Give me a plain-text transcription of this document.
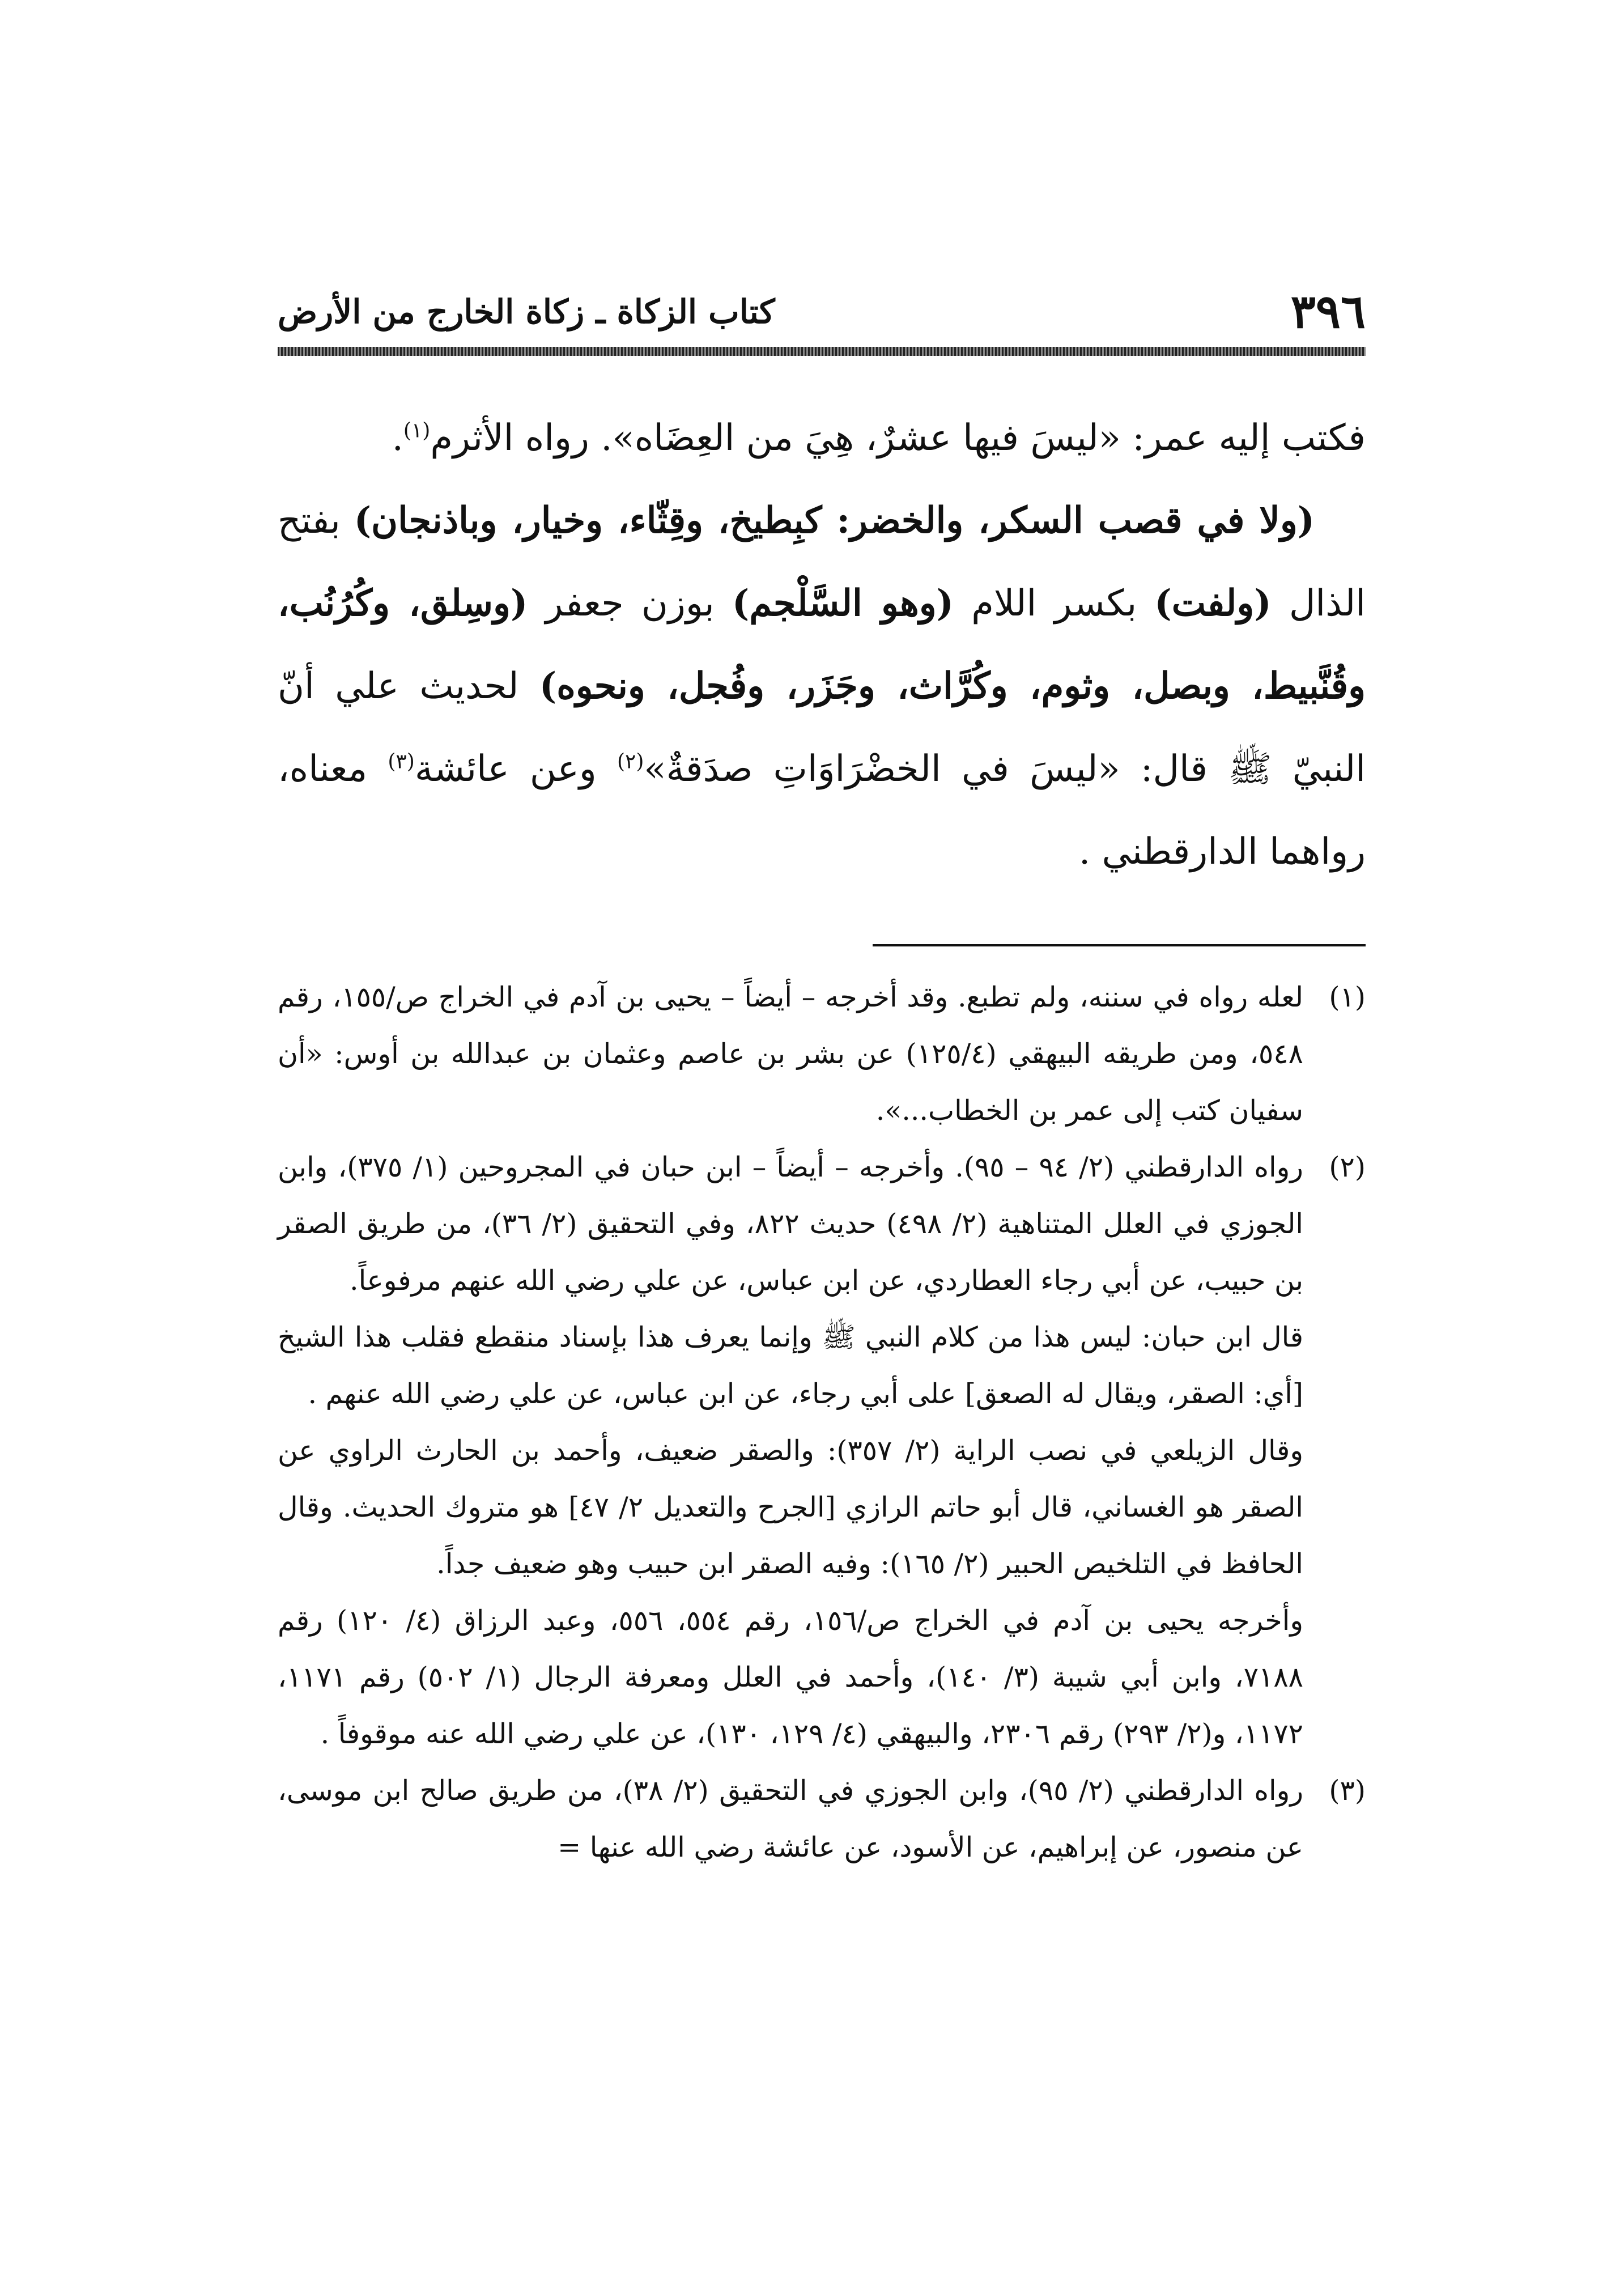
٣٩٦
كتاب الزكاة ـ زكاة الخارج من الأرض

فكتب إليه عمر: «ليسَ فيها عشرٌ، هِيَ من العِضَاه». رواه الأثرم$^{(١)}$.

(ولا في قصب السكر، والخضر: كبِطيخ، وقِثّاء، وخيار، وباذنجان) بفتح الذال (ولفت) بكسر اللام (وهو السَّلْجم) بوزن جعفر (وسِلق، وكُرُنُب، وقُنَّبيط، وبصل، وثوم، وكُرَّاث، وجَزَر، وفُجل، ونحوه) لحديث علي أنّ النبيّ ﷺ قال: «ليسَ في الخضْرَاوَاتِ صدَقةٌ»$^{(٢)}$ وعن عائشة$^{(٣)}$ معناه، رواهما الدارقطني .

(١)

لعله رواه في سننه، ولم تطبع. وقد أخرجه – أيضاً – يحيى بن آدم في الخراج ص/١٥٥، رقم ٥٤٨، ومن طريقه البيهقي (١٢٥/٤) عن بشر بن عاصم وعثمان بن عبدالله بن أوس: «أن سفيان كتب إلى عمر بن الخطاب...».

(٢)

رواه الدارقطني (٢/ ٩٤ – ٩٥). وأخرجه – أيضاً – ابن حبان في المجروحين (١/ ٣٧٥)، وابن الجوزي في العلل المتناهية (٢/ ٤٩٨) حديث ٨٢٢، وفي التحقيق (٢/ ٣٦)، من طريق الصقر بن حبيب، عن أبي رجاء العطاردي، عن ابن عباس، عن علي رضي الله عنهم مرفوعاً.

قال ابن حبان: ليس هذا من كلام النبي ﷺ وإنما يعرف هذا بإسناد منقطع فقلب هذا الشيخ [أي: الصقر، ويقال له الصعق] على أبي رجاء، عن ابن عباس، عن علي رضي الله عنهم .

وقال الزيلعي في نصب الراية (٢/ ٣٥٧): والصقر ضعيف، وأحمد بن الحارث الراوي عن الصقر هو الغساني، قال أبو حاتم الرازي [الجرح والتعديل ٢/ ٤٧] هو متروك الحديث. وقال الحافظ في التلخيص الحبير (٢/ ١٦٥): وفيه الصقر ابن حبيب وهو ضعيف جداً.

وأخرجه يحيى بن آدم في الخراج ص/١٥٦، رقم ٥٥٤، ٥٥٦، وعبد الرزاق (٤/ ١٢٠) رقم ٧١٨٨، وابن أبي شيبة (٣/ ١٤٠)، وأحمد في العلل ومعرفة الرجال (١/ ٥٠٢) رقم ١١٧١، ١١٧٢، و(٢/ ٢٩٣) رقم ٢٣٠٦، والبيهقي (٤/ ١٢٩، ١٣٠)، عن علي رضي الله عنه موقوفاً .

(٣)

رواه الدارقطني (٢/ ٩٥)، وابن الجوزي في التحقيق (٢/ ٣٨)، من طريق صالح ابن موسى، عن منصور، عن إبراهيم، عن الأسود، عن عائشة رضي الله عنها =
